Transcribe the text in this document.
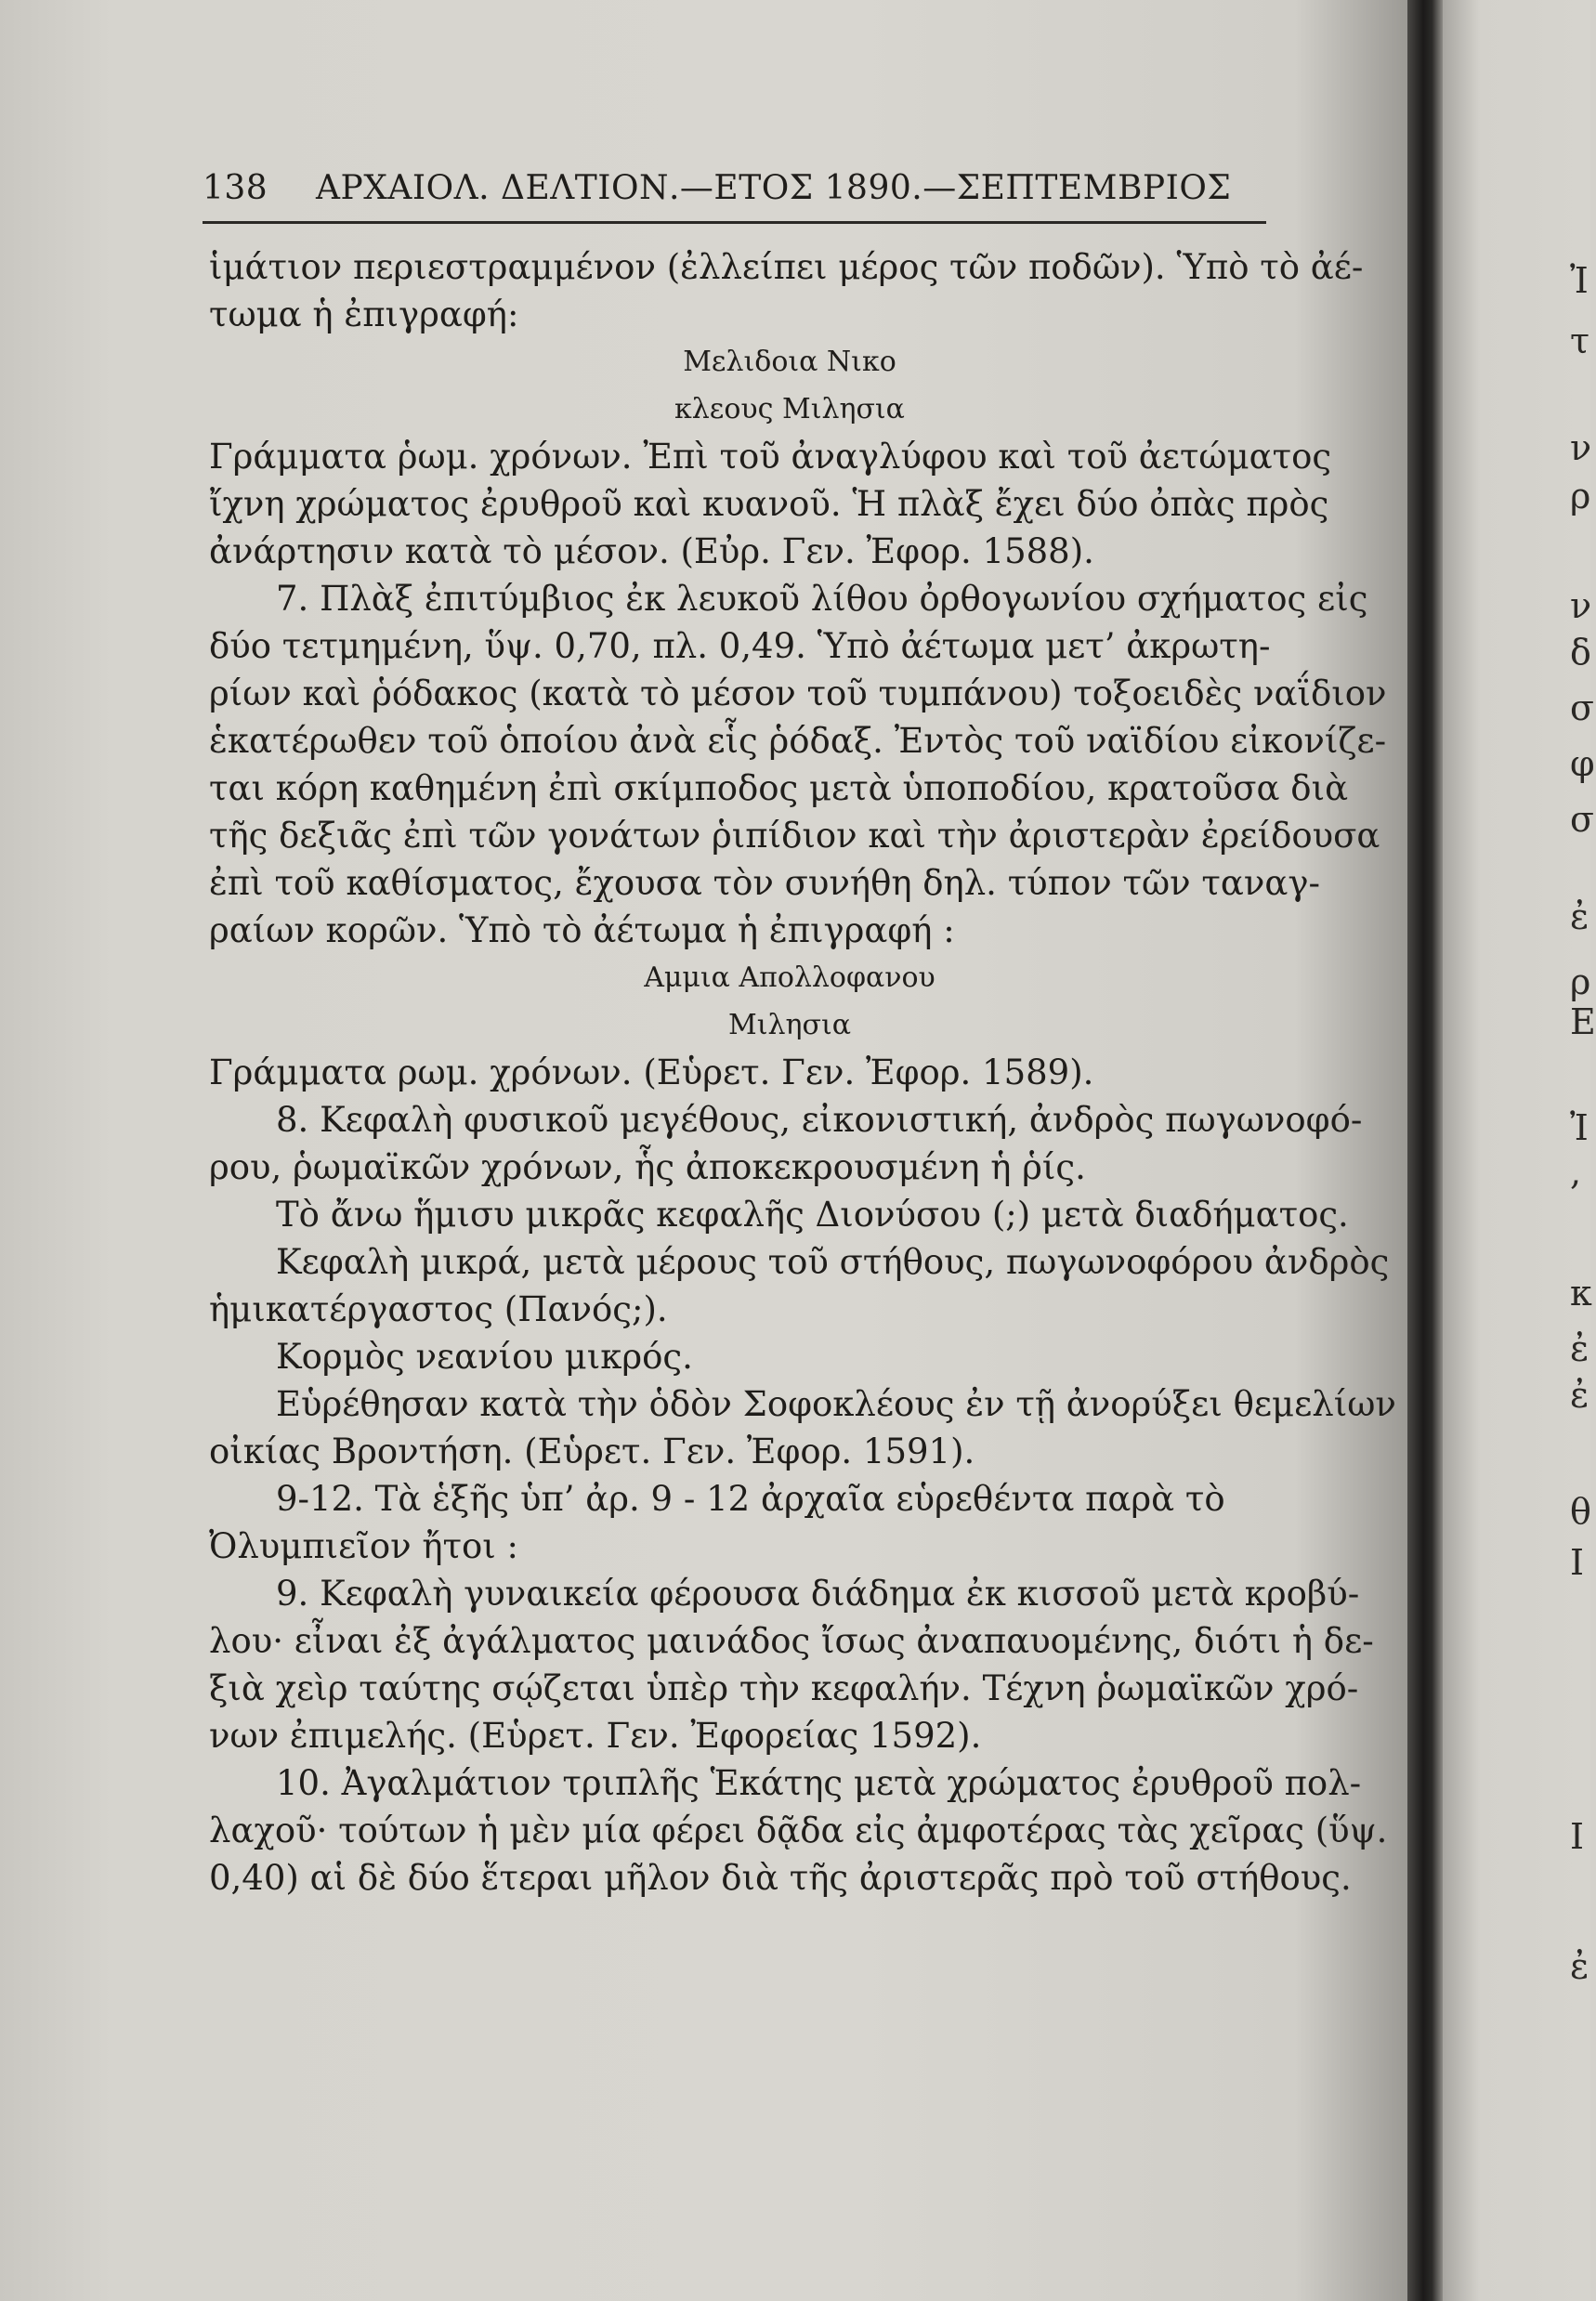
138 ΑΡΧΑΙΟΛ. ΔΕΛΤΙΟΝ.—ΕΤΟΣ 1890.—ΣΕΠΤΕΜΒΡΙΟΣ
ἱμάτιον περιεστραμμένον (ἐλλείπει μέρος τῶν ποδῶν). Ὑπὸ τὸ ἀέ-
τωμα ἡ ἐπιγραφή:
Μελιδοια Νικο
κλεους Μιλησια
Γράμματα ῥωμ. χρόνων. Ἐπὶ τοῦ ἀναγλύφου καὶ τοῦ ἀετώματος
ἴχνη χρώματος ἐρυθροῦ καὶ κυανοῦ. Ἡ πλὰξ ἔχει δύο ὀπὰς πρὸς
ἀνάρτησιν κατὰ τὸ μέσον. (Εὐρ. Γεν. Ἐφορ. 1588).
7. Πλὰξ ἐπιτύμβιος ἐκ λευκοῦ λίθου ὀρθογωνίου σχήματος εἰς
δύο τετμημένη, ὕψ. 0,70, πλ. 0,49. Ὑπὸ ἀέτωμα μετ’ ἀκρωτη-
ρίων καὶ ῥόδακος (κατὰ τὸ μέσον τοῦ τυμπάνου) τοξοειδὲς ναΐδιον
ἑκατέρωθεν τοῦ ὁποίου ἀνὰ εἷς ῥόδαξ. Ἐντὸς τοῦ ναϊδίου εἰκονίζε-
ται κόρη καθημένη ἐπὶ σκίμποδος μετὰ ὑποποδίου, κρατοῦσα διὰ
τῆς δεξιᾶς ἐπὶ τῶν γονάτων ῥιπίδιον καὶ τὴν ἀριστερὰν ἐρείδουσα
ἐπὶ τοῦ καθίσματος, ἔχουσα τὸν συνήθη δηλ. τύπον τῶν ταναγ-
ραίων κορῶν. Ὑπὸ τὸ ἀέτωμα ἡ ἐπιγραφή :
Αμμια Απολλοφανου
Μιλησια
Γράμματα ρωμ. χρόνων. (Εὑρετ. Γεν. Ἐφορ. 1589).
8. Κεφαλὴ φυσικοῦ μεγέθους, εἰκονιστική, ἀνδρὸς πωγωνοφό-
ρου, ῥωμαϊκῶν χρόνων, ἧς ἀποκεκρουσμένη ἡ ῥίς.
Τὸ ἄνω ἥμισυ μικρᾶς κεφαλῆς Διονύσου (;) μετὰ διαδήματος.
Κεφαλὴ μικρά, μετὰ μέρους τοῦ στήθους, πωγωνοφόρου ἀνδρὸς
ἡμικατέργαστος (Πανός;).
Κορμὸς νεανίου μικρός.
Εὑρέθησαν κατὰ τὴν ὁδὸν Σοφοκλέους ἐν τῇ ἀνορύξει θεμελίων
οἰκίας Βροντήση. (Εὑρετ. Γεν. Ἐφορ. 1591).
9-12. Τὰ ἑξῆς ὑπ’ ἀρ. 9 - 12 ἀρχαῖα εὑρεθέντα παρὰ τὸ
Ὀλυμπιεῖον ἤτοι :
9. Κεφαλὴ γυναικεία φέρουσα διάδημα ἐκ κισσοῦ μετὰ κροβύ-
λου· εἶναι ἐξ ἀγάλματος μαινάδος ἴσως ἀναπαυομένης, διότι ἡ δε-
ξιὰ χεὶρ ταύτης σῴζεται ὑπὲρ τὴν κεφαλήν. Τέχνη ῥωμαϊκῶν χρό-
νων ἐπιμελής. (Εὑρετ. Γεν. Ἐφορείας 1592).
10. Ἀγαλμάτιον τριπλῆς Ἑκάτης μετὰ χρώματος ἐρυθροῦ πολ-
λαχοῦ· τούτων ἡ μὲν μία φέρει δᾷδα εἰς ἀμφοτέρας τὰς χεῖρας (ὕψ.
0,40) αἱ δὲ δύο ἕτεραι μῆλον διὰ τῆς ἀριστερᾶς πρὸ τοῦ στήθους.
Ἰ
τ
ν
ρ
ν
δ
σ
φ
σ
ἐ
ρ
Ε
Ἰ
,
κ
ἐ
ἐ
θ
Ι
Ι
ἐ
